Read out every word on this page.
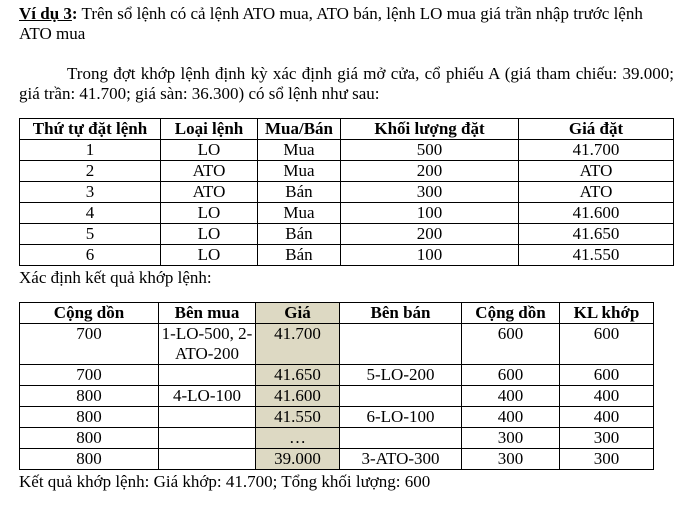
Ví dụ 3: Trên sổ lệnh có cả lệnh ATO mua, ATO bán, lệnh LO mua giá trần nhập trước lệnh ATO mua
Trong đợt khớp lệnh định kỳ xác định giá mở cửa, cổ phiếu A (giá tham chiếu: 39.000; giá trần: 41.700; giá sàn: 36.300) có sổ lệnh như sau:
Thứ tự đặt lệnh	Loại lệnh	Mua/Bán	Khối lượng đặt	Giá đặt
1	LO	Mua	500	41.700
2	ATO	Mua	200	ATO
3	ATO	Bán	300	ATO
4	LO	Mua	100	41.600
5	LO	Bán	200	41.650
6	LO	Bán	100	41.550
Xác định kết quả khớp lệnh:
Cộng dồn	Bên mua	Giá	Bên bán	Cộng dồn	KL khớp
700	1-LO-500, 2-ATO-200	41.700		600	600
700		41.650	5-LO-200	600	600
800	4-LO-100	41.600		400	400
800		41.550	6-LO-100	400	400
800		…		300	300
800		39.000	3-ATO-300	300	300
Kết quả khớp lệnh: Giá khớp: 41.700; Tổng khối lượng: 600
